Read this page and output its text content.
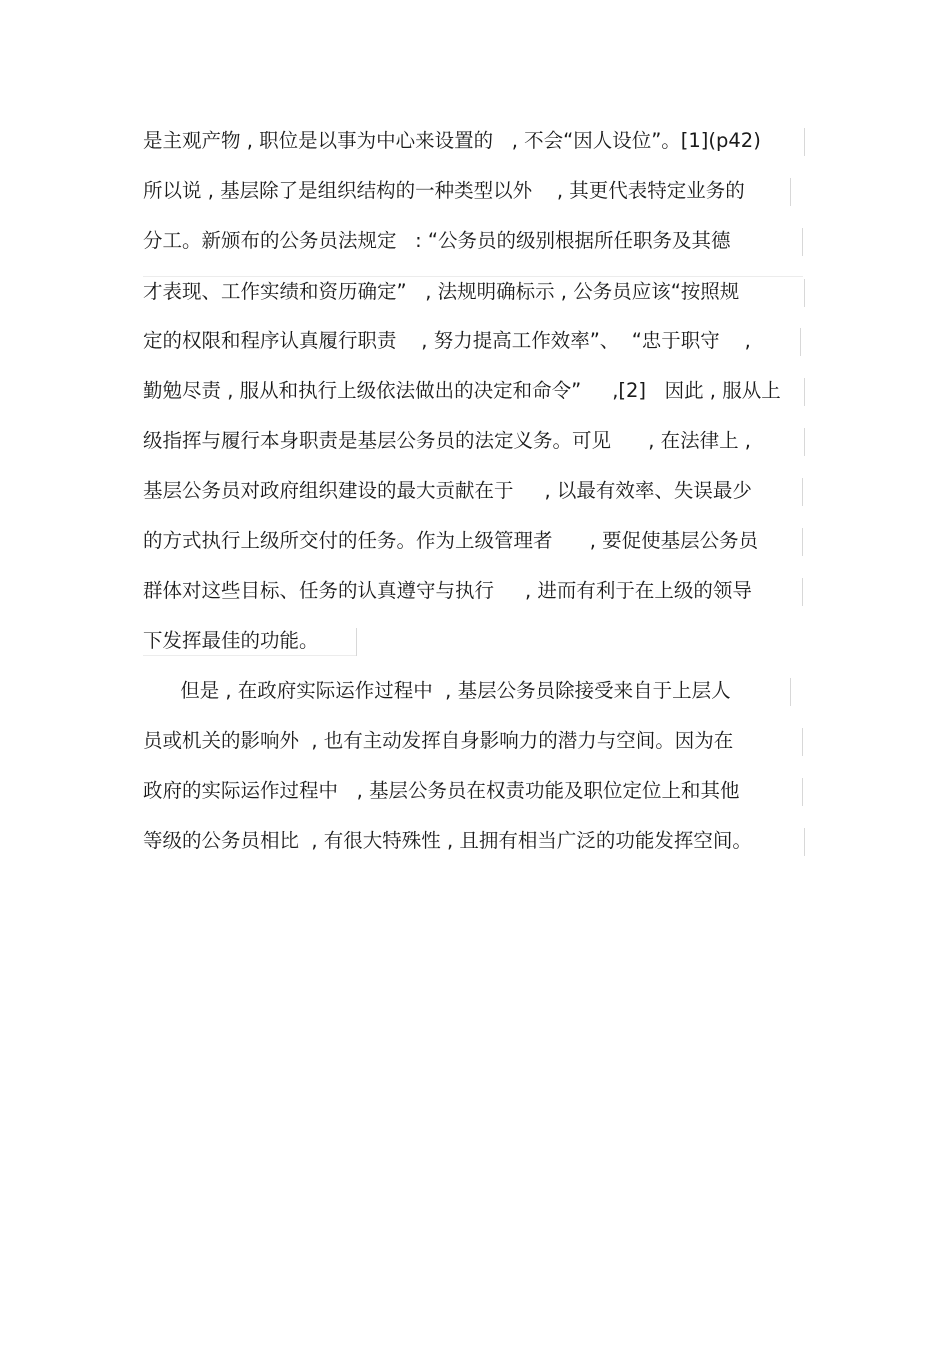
是主观产物 , 职位是以事为中心来设置的   , 不会“因人设位”。[1](p42)
所以说 , 基层除了是组织结构的一种类型以外    , 其更代表特定业务的
分工。新颁布的公务员法规定   : “公务员的级别根据所任职务及其德
才表现、工作实绩和资历确定”   , 法规明确标示 , 公务员应该“按照规
定的权限和程序认真履行职责    , 努力提高工作效率”、  “忠于职守    ,
勤勉尽责 , 服从和执行上级依法做出的决定和命令”     ,[2]   因此 , 服从上
级指挥与履行本身职责是基层公务员的法定义务。可见      , 在法律上 ,
基层公务员对政府组织建设的最大贡献在于     , 以最有效率、失误最少
的方式执行上级所交付的任务。作为上级管理者      , 要促使基层公务员
群体对这些目标、任务的认真遵守与执行     , 进而有利于在上级的领导
下发挥最佳的功能。
但是 , 在政府实际运作过程中  , 基层公务员除接受来自于上层人
员或机关的影响外  , 也有主动发挥自身影响力的潜力与空间。因为在
政府的实际运作过程中   , 基层公务员在权责功能及职位定位上和其他
等级的公务员相比  , 有很大特殊性 , 且拥有相当广泛的功能发挥空间。
